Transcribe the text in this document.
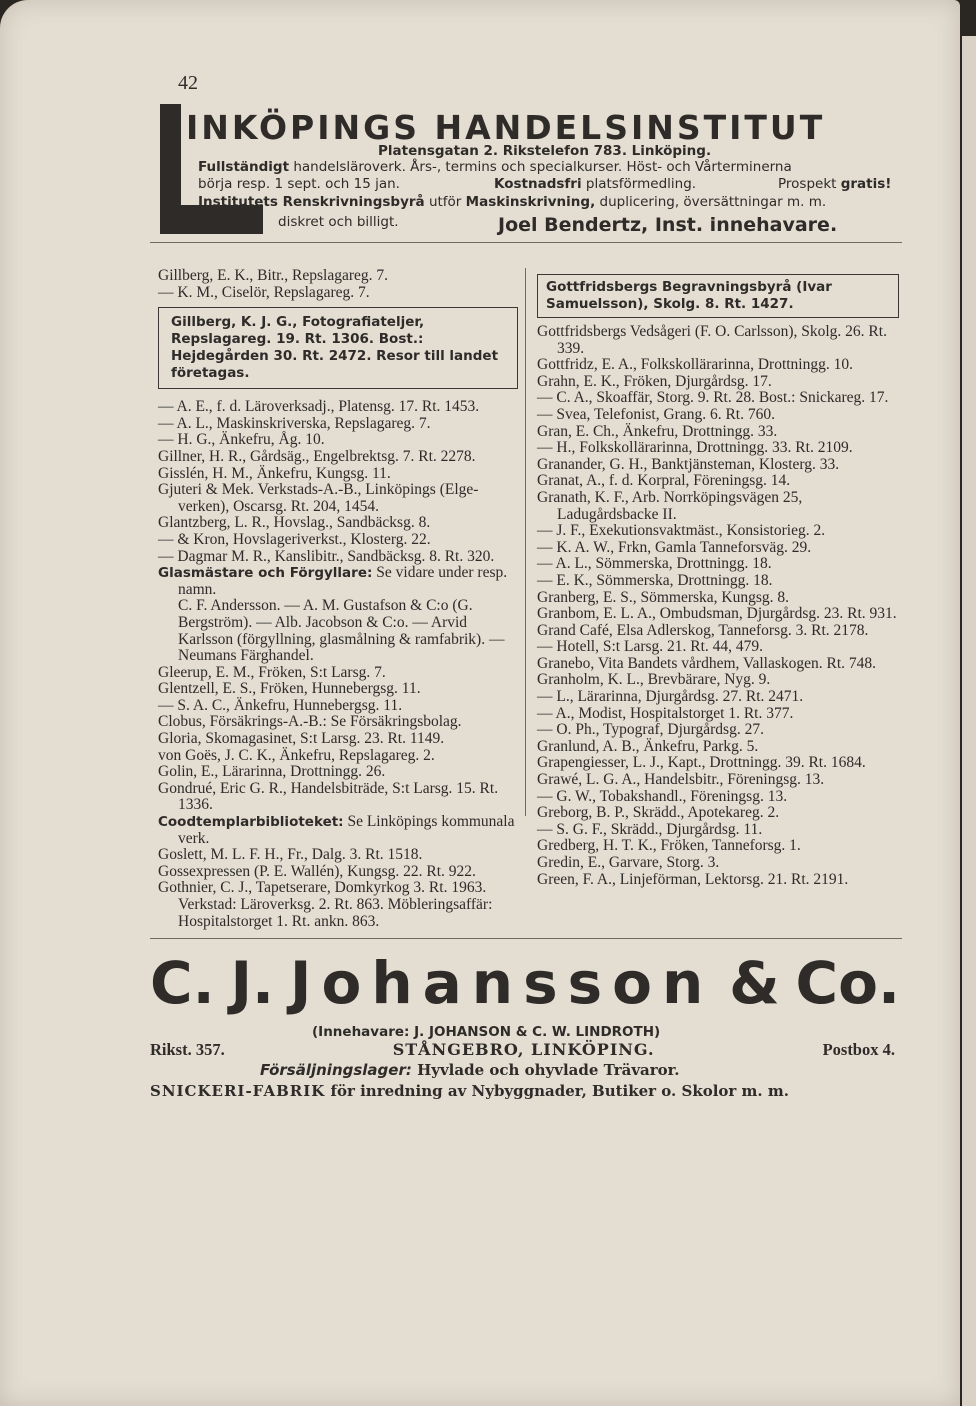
42
INKÖPINGS HANDELSINSTITUT
Platensgatan 2. Rikstelefon 783. Linköping.
Fullständigt handelsläroverk. Års-, termins och specialkurser. Höst- och Vårterminerna
börja resp. 1 sept. och 15 jan.	Kostnadsfri platsförmedling.	Prospekt gratis!
Institutets Renskrivningsbyrå utför Maskinskrivning, duplicering, översättningar m. m.
diskret och billigt.	Joel Bendertz, Inst. innehavare.

Gillberg, E. K., Bitr., Repslagareg. 7.

— K. M., Ciselör, Repslagareg. 7.

Gillberg, K. J. G., Fotografiateljer, Repslagareg. 19. Rt. 1306. Bost.: Hejdegården 30. Rt. 2472. Resor till landet företagas.

— A. E., f. d. Läroverksadj., Platensg. 17. Rt. 1453.

— A. L., Maskinskriverska, Repslagareg. 7.

— H. G., Änkefru, Åg. 10.

Gillner, H. R., Gårdsäg., Engelbrektsg. 7. Rt. 2278.

Gisslén, H. M., Änkefru, Kungsg. 11.

Gjuteri & Mek. Verkstads-A.-B., Linköpings (Elge-verken), Oscarsg. Rt. 204, 1454.

Glantzberg, L. R., Hovslag., Sandbäcksg. 8.

— & Kron, Hovslageriverkst., Klosterg. 22.

— Dagmar M. R., Kanslibitr., Sandbäcksg. 8. Rt. 320.

Glasmästare och Förgyllare: Se vidare under resp. namn.

C. F. Andersson. — A. M. Gustafson & C:o (G. Bergström). — Alb. Jacobson & C:o. — Arvid Karlsson (förgyllning, glasmålning & ramfabrik). — Neumans Färghandel.

Gleerup, E. M., Fröken, S:t Larsg. 7.

Glentzell, E. S., Fröken, Hunnebergsg. 11.

— S. A. C., Änkefru, Hunnebergsg. 11.

Clobus, Försäkrings-A.-B.: Se Försäkringsbolag.

Gloria, Skomagasinet, S:t Larsg. 23. Rt. 1149.

von Goës, J. C. K., Änkefru, Repslagareg. 2.

Golin, E., Lärarinna, Drottningg. 26.

Gondrué, Eric G. R., Handelsbiträde, S:t Larsg. 15. Rt. 1336.

Coodtemplarbiblioteket: Se Linköpings kommunala verk.

Goslett, M. L. F. H., Fr., Dalg. 3. Rt. 1518.

Gossexpressen (P. E. Wallén), Kungsg. 22. Rt. 922.

Gothnier, C. J., Tapetserare, Domkyrkog 3. Rt. 1963. Verkstad: Läroverksg. 2. Rt. 863. Möbleringsaffär: Hospitalstorget 1. Rt. ankn. 863.

Gottfridsbergs Begravningsbyrå (Ivar Samuelsson), Skolg. 8. Rt. 1427.

Gottfridsbergs Vedsågeri (F. O. Carlsson), Skolg. 26. Rt. 339.

Gottfridz, E. A., Folkskollärarinna, Drottningg. 10.

Grahn, E. K., Fröken, Djurgårdsg. 17.

— C. A., Skoaffär, Storg. 9. Rt. 28. Bost.: Snickareg. 17.

— Svea, Telefonist, Grang. 6. Rt. 760.

Gran, E. Ch., Änkefru, Drottningg. 33.

— H., Folkskollärarinna, Drottningg. 33. Rt. 2109.

Granander, G. H., Banktjänsteman, Klosterg. 33.

Granat, A., f. d. Korpral, Föreningsg. 14.

Granath, K. F., Arb. Norrköpingsvägen 25, Ladugårdsbacke II.

— J. F., Exekutionsvaktmäst., Konsistorieg. 2.

— K. A. W., Frkn, Gamla Tanneforsväg. 29.

— A. L., Sömmerska, Drottningg. 18.

— E. K., Sömmerska, Drottningg. 18.

Granberg, E. S., Sömmerska, Kungsg. 8.

Granbom, E. L. A., Ombudsman, Djurgårdsg. 23. Rt. 931.

Grand Café, Elsa Adlerskog, Tanneforsg. 3. Rt. 2178.

— Hotell, S:t Larsg. 21. Rt. 44, 479.

Granebo, Vita Bandets vårdhem, Vallaskogen. Rt. 748.

Granholm, K. L., Brevbärare, Nyg. 9.

— L., Lärarinna, Djurgårdsg. 27. Rt. 2471.

— A., Modist, Hospitalstorget 1. Rt. 377.

— O. Ph., Typograf, Djurgårdsg. 27.

Granlund, A. B., Änkefru, Parkg. 5.

Grapengiesser, L. J., Kapt., Drottningg. 39. Rt. 1684.

Grawé, L. G. A., Handelsbitr., Föreningsg. 13.

— G. W., Tobakshandl., Föreningsg. 13.

Greborg, B. P., Skrädd., Apotekareg. 2.

— S. G. F., Skrädd., Djurgårdsg. 11.

Gredberg, H. T. K., Fröken, Tanneforsg. 1.

Gredin, E., Garvare, Storg. 3.

Green, F. A., Linjeförman, Lektorsg. 21. Rt. 2191.

C. J. Johansson & Co.
(Innehavare: J. JOHANSON & C. W. LINDROTH)
Rikst. 357.	STÅNGEBRO, LINKÖPING.	Postbox 4.
Försäljningslager: Hyvlade och ohyvlade Trävaror.
SNICKERI-FABRIK för inredning av Nybyggnader, Butiker o. Skolor m. m.
